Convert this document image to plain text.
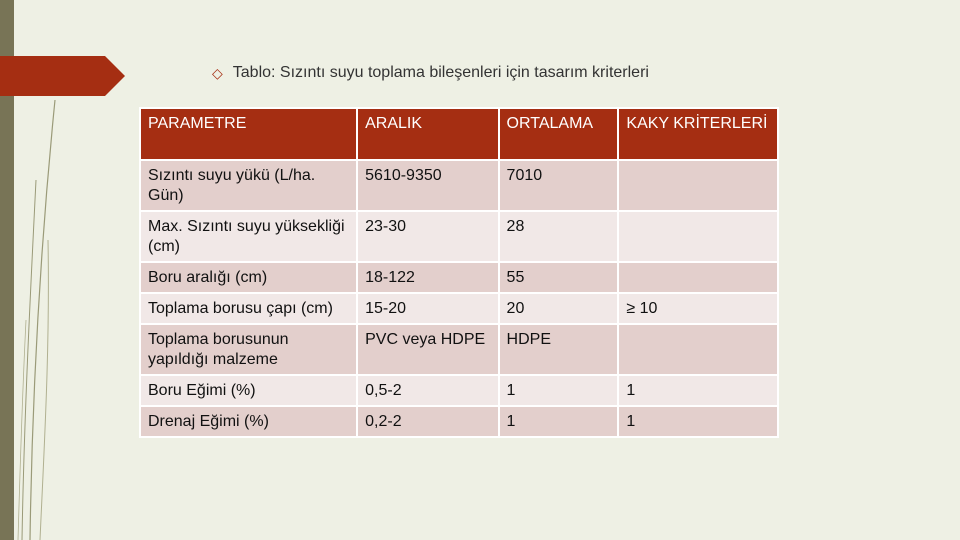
◇ Tablo: Sızıntı suyu toplama bileşenleri için tasarım kriterleri
PARAMETRE	ARALIK	ORTALAMA	KAKY KRİTERLERİ
Sızıntı suyu yükü (L/ha. Gün)	5610-9350	7010	
Max. Sızıntı suyu yüksekliği (cm)	23-30	28	
Boru aralığı (cm)	18-122	55	
Toplama borusu çapı (cm)	15-20	20	≥ 10
Toplama borusunun yapıldığı malzeme	PVC veya HDPE	HDPE	
Boru Eğimi (%)	0,5-2	1	1
Drenaj Eğimi (%)	0,2-2	1	1
